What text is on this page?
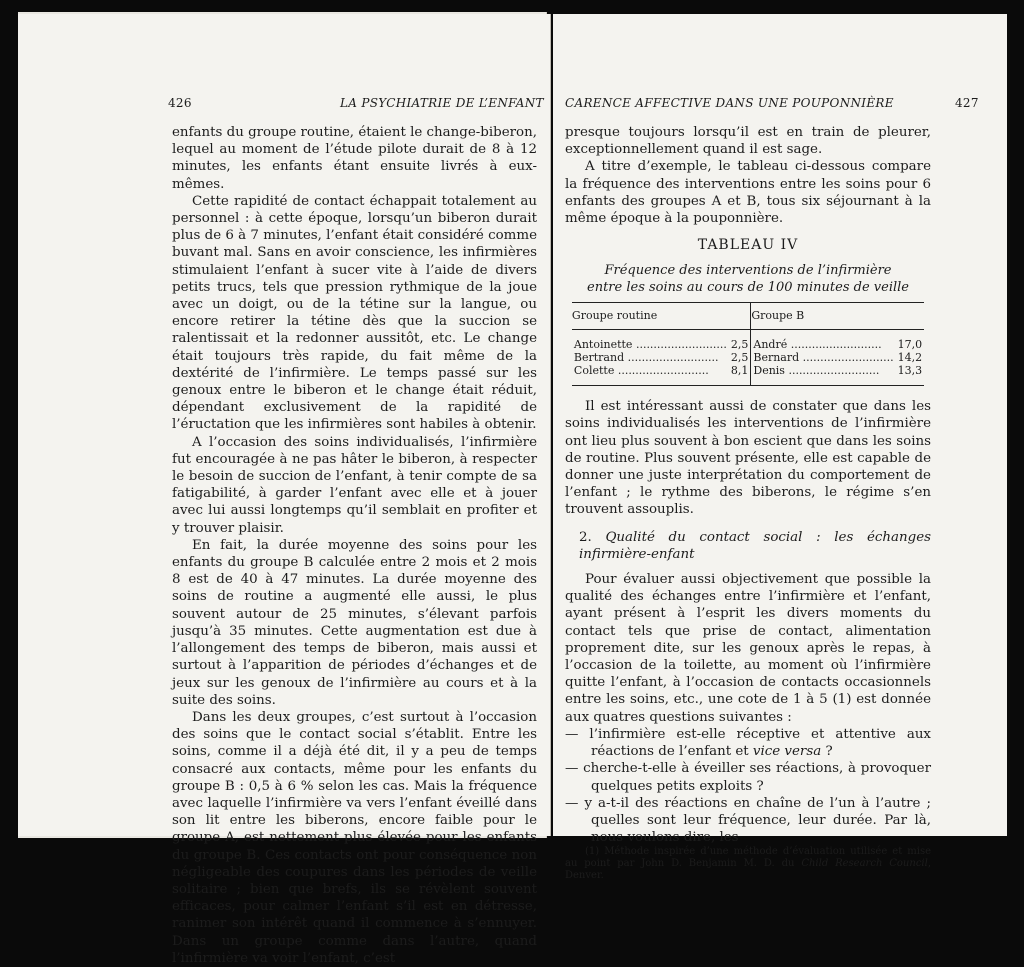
426	LA PSYCHIATRIE DE L’ENFANT

enfants du groupe routine, étaient le change-biberon, lequel au moment de l’étude pilote durait de 8 à 12 minutes, les enfants étant ensuite livrés à eux-mêmes.

Cette rapidité de contact échappait totalement au personnel : à cette époque, lorsqu’un biberon durait plus de 6 à 7 minutes, l’enfant était considéré comme buvant mal. Sans en avoir conscience, les infirmières stimulaient l’enfant à sucer vite à l’aide de divers petits trucs, tels que pression rythmique de la joue avec un doigt, ou de la tétine sur la langue, ou encore retirer la tétine dès que la succion se ralentissait et la redonner aussitôt, etc. Le change était toujours très rapide, du fait même de la dextérité de l’infirmière. Le temps passé sur les genoux entre le biberon et le change était réduit, dépendant exclusivement de la rapidité de l’éructation que les infirmières sont habiles à obtenir.

A l’occasion des soins individualisés, l’infirmière fut encouragée à ne pas hâter le biberon, à respecter le besoin de succion de l’enfant, à tenir compte de sa fatigabilité, à garder l’enfant avec elle et à jouer avec lui aussi longtemps qu’il semblait en profiter et y trouver plaisir.

En fait, la durée moyenne des soins pour les enfants du groupe B calculée entre 2 mois et 2 mois 8 est de 40 à 47 minutes. La durée moyenne des soins de routine a augmenté elle aussi, le plus souvent autour de 25 minutes, s’élevant parfois jusqu’à 35 minutes. Cette augmentation est due à l’allongement des temps de biberon, mais aussi et surtout à l’apparition de périodes d’échanges et de jeux sur les genoux de l’infirmière au cours et à la suite des soins.

Dans les deux groupes, c’est surtout à l’occasion des soins que le contact social s’établit. Entre les soins, comme il a déjà été dit, il y a peu de temps consacré aux contacts, même pour les enfants du groupe B : 0,5 à 6 % selon les cas. Mais la fréquence avec laquelle l’infirmière va vers l’enfant éveillé dans son lit entre les biberons, encore faible pour le groupe A, est nettement plus élevée pour les enfants du groupe B. Ces contacts ont pour conséquence non négligeable des coupures dans les périodes de veille solitaire ; bien que brefs, ils se révèlent souvent efficaces, pour calmer l’enfant s’il est en détresse, ranimer son intérêt quand il commence à s’ennuyer. Dans un groupe comme dans l’autre, quand l’infirmière va voir l’enfant, c’est

CARENCE AFFECTIVE DANS UNE POUPONNIÈRE	427

presque toujours lorsqu’il est en train de pleurer, exceptionnellement quand il est sage.

A titre d’exemple, le tableau ci-dessous compare la fréquence des interventions entre les soins pour 6 enfants des groupes A et B, tous six séjournant à la même époque à la pouponnière.

TABLEAU IV
Fréquence des interventions de l’infirmière
entre les soins au cours de 100 minutes de veille
Groupe routine		Groupe B	

Antoinette ..........................	2,5	André ..........................	17,0
Bertrand ..........................	2,5	Bernard ..........................	14,2
Colette ..........................	8,1	Denis ..........................	13,3

Il est intéressant aussi de constater que dans les soins individualisés les interventions de l’infirmière ont lieu plus souvent à bon escient que dans les soins de routine. Plus souvent présente, elle est capable de donner une juste interprétation du comportement de l’enfant ; le rythme des biberons, le régime s’en trouvent assouplis.

2. Qualité du contact social : les échanges infirmière-enfant

Pour évaluer aussi objectivement que possible la qualité des échanges entre l’infirmière et l’enfant, ayant présent à l’esprit les divers moments du contact tels que prise de contact, alimentation proprement dite, sur les genoux après le repas, à l’occasion de la toilette, au moment où l’infirmière quitte l’enfant, à l’occasion de contacts occasionnels entre les soins, etc., une cote de 1 à 5 (1) est donnée aux quatres questions suivantes :

— l’infirmière est-elle réceptive et attentive aux réactions de l’enfant et vice versa ?

— cherche-t-elle à éveiller ses réactions, à provoquer quelques petits exploits ?

— y a-t-il des réactions en chaîne de l’un à l’autre ; quelles sont leur fréquence, leur durée. Par là, nous voulons dire, les

(1) Méthode inspirée d’une méthode d’évaluation utilisée et mise au point par John D. Benjamin M. D. du Child Research Council, Denver.
